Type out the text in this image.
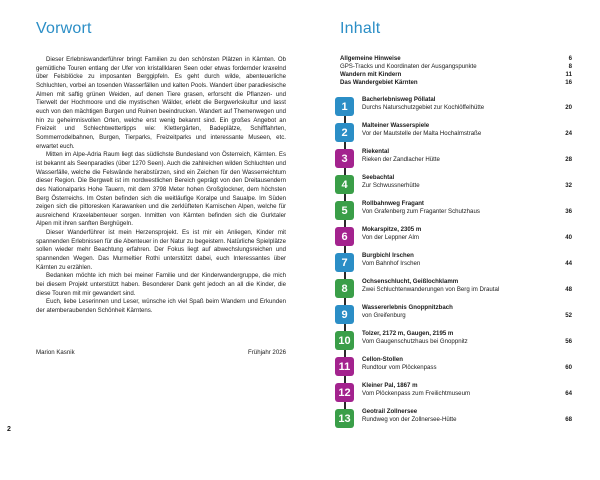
Vorwort

Dieser Erlebniswanderführer bringt Familien zu den schönsten Plätzen in Kärnten. Ob gemütliche Touren entlang der Ufer von kristallklaren Seen oder etwas fordernder kraxelnd über Felsblöcke zu imposanten Berggipfeln. Es geht durch wilde, abenteuerliche Schluchten, vorbei an tosenden Wasserfällen und kalten Pools. Wandert über paradiesische Almen mit saftig grünen Weiden, auf denen Tiere grasen, erforscht die Pflanzen- und Tierwelt der Hochmoore und die mystischen Wälder, erlebt die Bergwerkskultur und lasst euch von den mächtigen Burgen und Ruinen beeindrucken. Wandert auf Themenwegen und hin zu geheimnisvollen Orten, welche erst wenig bekannt sind. Ein großes Angebot an Freizeit und Schlechtwettertipps wie: Klettergärten, Badeplätze, Schifffahrten, Sommerrodelbahnen, Burgen, Tierparks, Freizeitparks und interessante Museen, etc. erwartet euch.

Mitten im Alpe-Adria Raum liegt das südlichste Bundesland von Österreich, Kärnten. Es ist bekannt als Seenparadies (über 1270 Seen). Auch die zahlreichen wilden Schluchten und Wasserfälle, welche die Felswände herabstürzen, sind ein Zeichen für den Wasserreichtum dieser Region. Die Bergwelt ist im nordwestlichen Bereich geprägt von den Dreitausendern des Nationalparks Hohe Tauern, mit dem 3798 Meter hohen Großglockner, dem höchsten Berg Österreichs. Im Osten befinden sich die weitläufige Koralpe und Saualpe. Im Süden zeigen sich die pittoresken Karawanken und die zerklüfteten Karnischen Alpen, welche für ausreichend Kraxelabenteuer sorgen. Inmitten von Kärnten befinden sich die Gurktaler Alpen mit ihren sanften Berghügeln.

Dieser Wanderführer ist mein Herzensprojekt. Es ist mir ein Anliegen, Kinder mit spannenden Erlebnissen für die Abenteuer in der Natur zu begeistern. Natürliche Spielplätze sollen wieder mehr Beachtung erfahren. Der Fokus liegt auf abwechslungsreichen und spannenden Wegen. Das Murmeltier Rothi unterstützt dabei, euch Interessantes über Kärnten zu erzählen.

Bedanken möchte ich mich bei meiner Familie und der Kinderwandergruppe, die mich bei diesem Projekt unterstützt haben. Besonderer Dank geht jedoch an all die Kinder, die diese Touren mit mir gewandert sind.

Euch, liebe Leserinnen und Leser, wünsche ich viel Spaß beim Wandern und Erkunden der atemberaubenden Schönheit Kärntens.

Marion Kasnik	Frühjahr 2026
2
Inhalt
Allgemeine Hinweise	6
GPS-Tracks und Koordinaten der Ausgangspunkte	8
Wandern mit Kindern	11
Das Wandergebiet Kärnten	16
1
Bacherlebnisweg Pöllatal
Durchs Naturschutzgebiet zur Kochlöffelhütte	20
2
Malteiner Wasserspiele
Vor der Mautstelle der Malta Hochalmstraße	24
3
Riekental
Rieken der Zandlacher Hütte	28
4
Seebachtal
Zur Schwussnerhütte	32
5
Rollbahnweg Fragant
Von Grafenberg zum Fraganter Schutzhaus	36
6
Mokarspitze, 2305 m
Von der Leppner Alm	40
7
Burgbichl Irschen
Vom Bahnhof Irschen	44
8
Ochsenschlucht, Geißlochklamm
Zwei Schluchtenwanderungen von Berg im Drautal	48
9
Wassererlebnis Gnoppnitzbach
von Greifenburg	52
10
Tolzer, 2172 m, Gaugen, 2195 m
Vom Gaugenschutzhaus bei Gnoppnitz	56
11
Cellon-Stollen
Rundtour vom Plöckenpass	60
12
Kleiner Pal, 1867 m
Vom Plöckenpass zum Freilichtmuseum	64
13
Geotrail Zollnersee
Rundweg von der Zollnersee-Hütte	68
